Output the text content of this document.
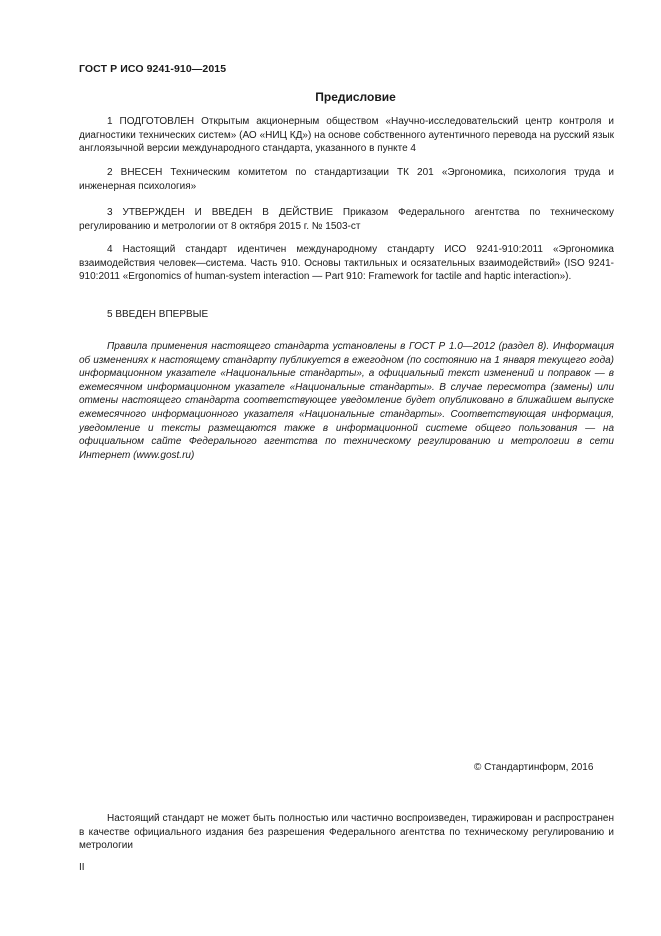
ГОСТ Р ИСО 9241-910—2015
Предисловие

1 ПОДГОТОВЛЕН Открытым акционерным обществом «Научно-исследовательский центр контроля и диагностики технических систем» (АО «НИЦ КД») на основе собственного аутентичного перевода на русский язык англоязычной версии международного стандарта, указанного в пункте 4

2 ВНЕСЕН Техническим комитетом по стандартизации ТК 201 «Эргономика, психология труда и инженерная психология»

3 УТВЕРЖДЕН И ВВЕДЕН В ДЕЙСТВИЕ Приказом Федерального агентства по техническому регулированию и метрологии от 8 октября 2015 г. № 1503-ст

4 Настоящий стандарт идентичен международному стандарту ИСО 9241-910:2011 «Эргономика взаимодействия человек—система. Часть 910. Основы тактильных и осязательных взаимодействий» (ISO 9241-910:2011 «Ergonomics of human-system interaction — Part 910: Framework for tactile and haptic interaction»).

5 ВВЕДЕН ВПЕРВЫЕ

Правила применения настоящего стандарта установлены в ГОСТ Р 1.0—2012 (раздел 8). Информация об изменениях к настоящему стандарту публикуется в ежегодном (по состоянию на 1 января текущего года) информационном указателе «Национальные стандарты», а официальный текст изменений и поправок — в ежемесячном информационном указателе «Национальные стандарты». В случае пересмотра (замены) или отмены настоящего стандарта соответствующее уведомление будет опубликовано в ближайшем выпуске ежемесячного информационного указателя «Национальные стандарты». Соответствующая информация, уведомление и тексты размещаются также в информационной системе общего пользования — на официальном сайте Федерального агентства по техническому регулированию и метрологии в сети Интернет (www.gost.ru)

© Стандартинформ, 2016

Настоящий стандарт не может быть полностью или частично воспроизведен, тиражирован и распространен в качестве официального издания без разрешения Федерального агентства по техническому регулированию и метрологии

II
